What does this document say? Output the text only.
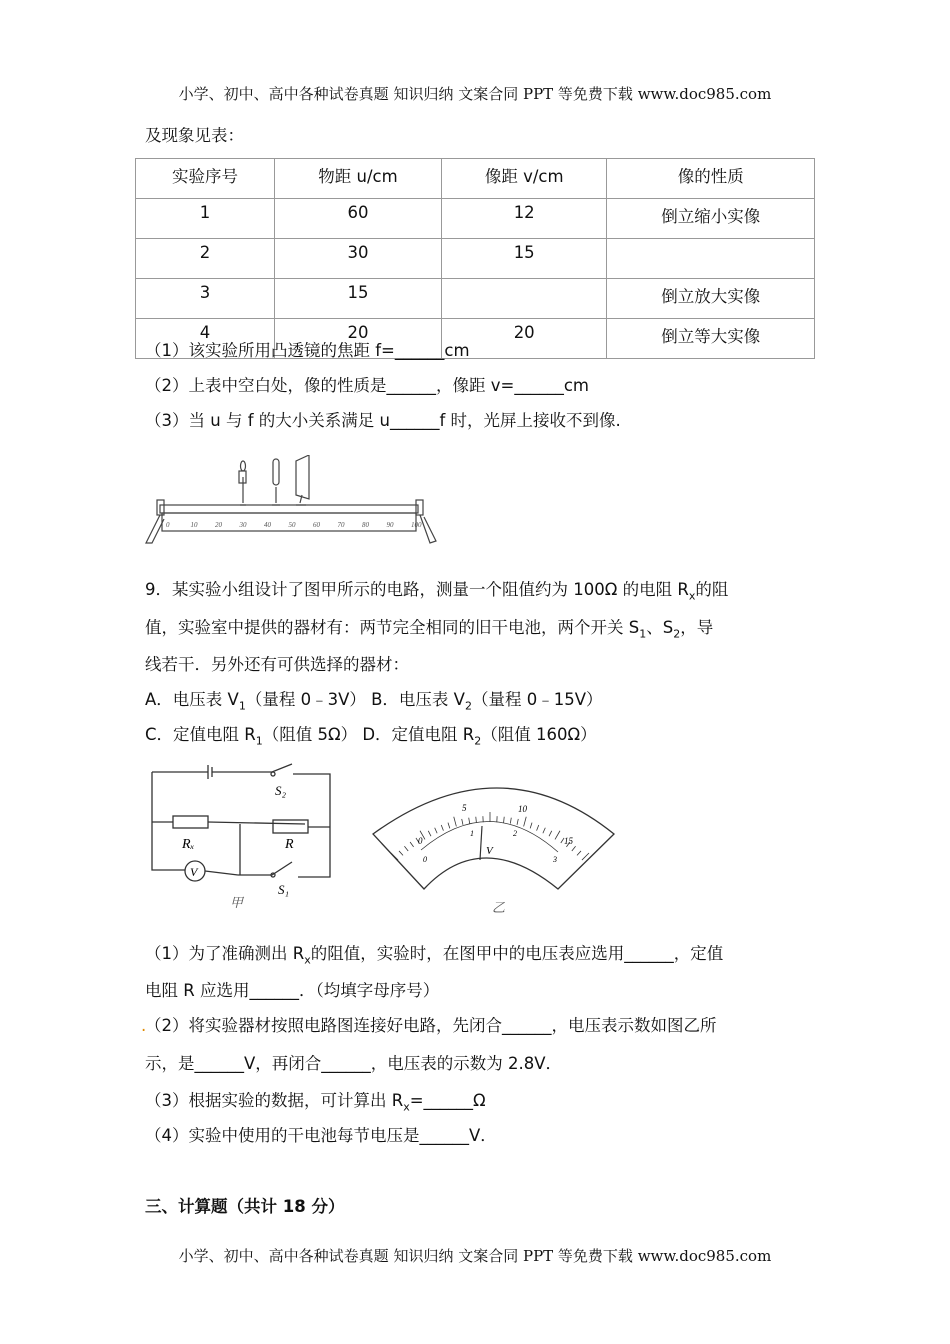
小学、初中、高中各种试卷真题 知识归纳 文案合同 PPT 等免费下载 www.doc985.com
及现象见表：
实验序号	物距 u/cm	像距 v/cm	像的性质
1	60	12	倒立缩小实像
2	30	15	
3	15		倒立放大实像
4	20	20	倒立等大实像
（1）该实验所用凸透镜的焦距 f=______cm
（2）上表中空白处，像的性质是______，像距 v=______cm
（3）当 u 与 f 的大小关系满足 u______f 时，光屏上接收不到像.
0	10	20	30	40	50	60	70	80	90	100
9．某实验小组设计了图甲所示的电路，测量一个阻值约为 100Ω 的电阻 $R_x$的阻
值，实验室中提供的器材有：两节完全相同的旧干电池，两个开关 $S_1$、$S_2$，导
线若干．另外还有可供选择的器材：
A．电压表 $V_1$（量程 0﹣3V） B．电压表 $V_2$（量程 0﹣15V）
C．定值电阻 $R_1$（阻值 5Ω） D．定值电阻 $R_2$（阻值 160Ω）
S₂
S₁
Rₓ	R
V
甲
0
5	10
15
0
1	2
3
V
乙
（1）为了准确测出 $R_x$的阻值，实验时，在图甲中的电压表应选用______，定值
电阻 R 应选用______．（均填字母序号）
.
（2）将实验器材按照电路图连接好电路，先闭合______，电压表示数如图乙所
示，是______V，再闭合______，电压表的示数为 2.8V．
（3）根据实验的数据，可计算出 $R_x=\_\_\_\_\_\_\Omega$
（4）实验中使用的干电池每节电压是______V．
三、计算题（共计 18 分）
小学、初中、高中各种试卷真题 知识归纳 文案合同 PPT 等免费下载 www.doc985.com
